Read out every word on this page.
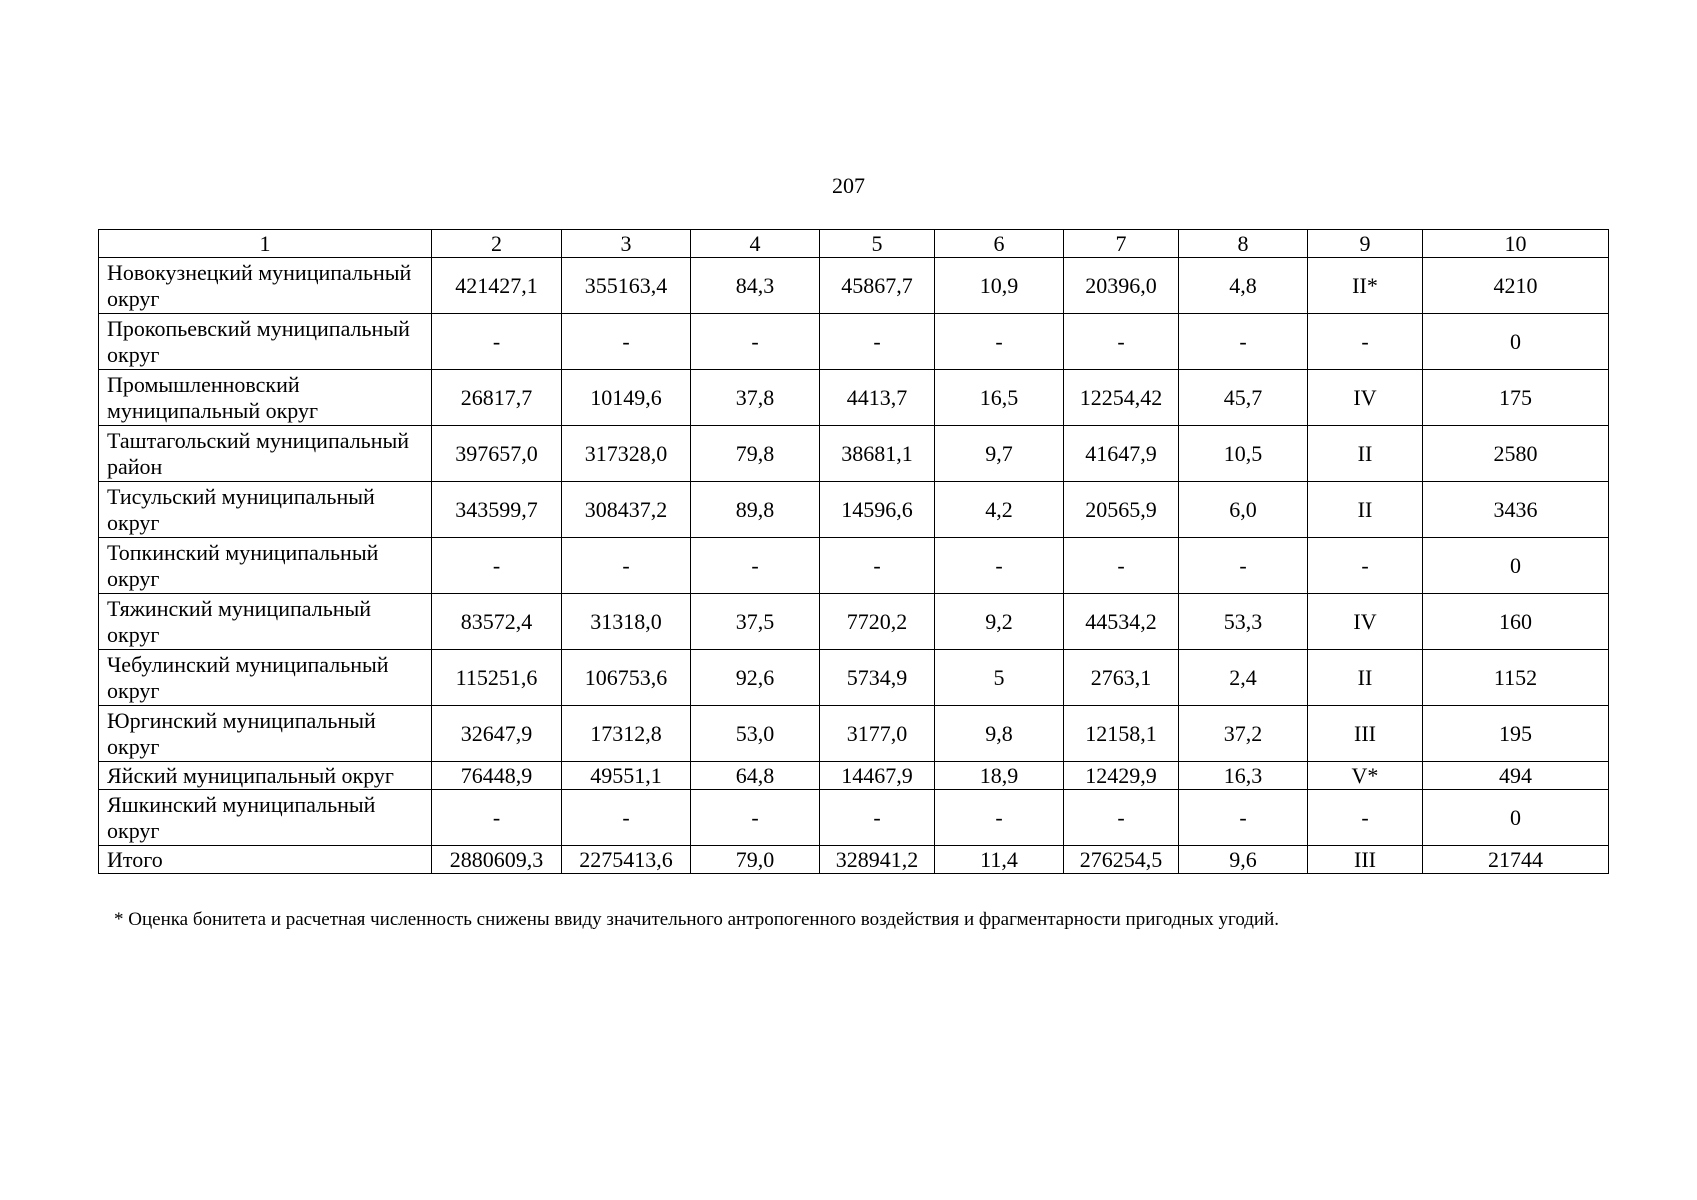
207
1	2	3	4	5	6	7	8	9	10
Новокузнецкий муниципальный округ	421427,1	355163,4	84,3	45867,7	10,9	20396,0	4,8	II*	4210
Прокопьевский муниципальный округ	-	-	-	-	-	-	-	-	0
Промышленновский муниципальный округ	26817,7	10149,6	37,8	4413,7	16,5	12254,42	45,7	IV	175
Таштагольский муниципальный район	397657,0	317328,0	79,8	38681,1	9,7	41647,9	10,5	II	2580
Тисульский муниципальный округ	343599,7	308437,2	89,8	14596,6	4,2	20565,9	6,0	II	3436
Топкинский муниципальный округ	-	-	-	-	-	-	-	-	0
Тяжинский муниципальный округ	83572,4	31318,0	37,5	7720,2	9,2	44534,2	53,3	IV	160
Чебулинский муниципальный округ	115251,6	106753,6	92,6	5734,9	5	2763,1	2,4	II	1152
Юргинский муниципальный округ	32647,9	17312,8	53,0	3177,0	9,8	12158,1	37,2	III	195
Яйский муниципальный округ	76448,9	49551,1	64,8	14467,9	18,9	12429,9	16,3	V*	494
Яшкинский муниципальный округ	-	-	-	-	-	-	-	-	0
Итого	2880609,3	2275413,6	79,0	328941,2	11,4	276254,5	9,6	III	21744
* Оценка бонитета и расчетная численность снижены ввиду значительного антропогенного воздействия и фрагментарности пригодных угодий.
